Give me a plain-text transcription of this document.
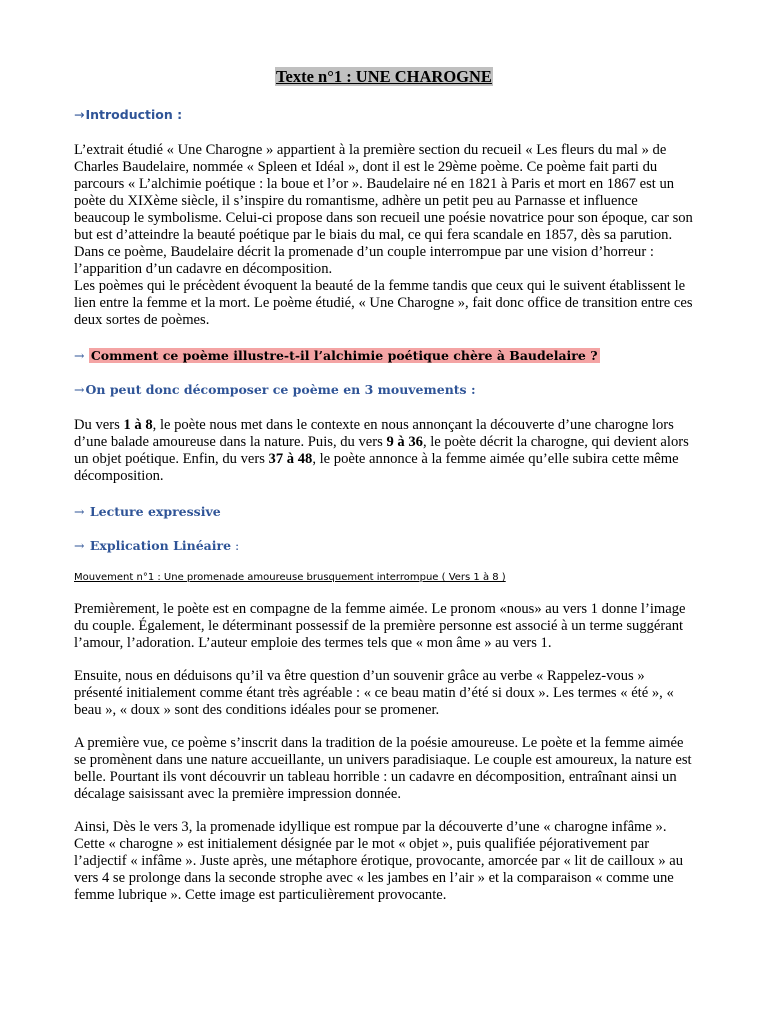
Texte n°1 : UNE CHAROGNE
→Introduction :

L’extrait étudié « Une Charogne » appartient à la première section du recueil « Les fleurs du mal » de Charles Baudelaire, nommée « Spleen et Idéal », dont il est le 29ème poème. Ce poème fait parti du parcours « L’alchimie poétique : la boue et l’or ». Baudelaire né en 1821 à Paris et mort en 1867 est un poète du XIXème siècle, il s’inspire du romantisme, adhère un petit peu au Parnasse et influence beaucoup le symbolisme. Celui-ci propose dans son recueil une poésie novatrice pour son époque, car son but est d’atteindre la beauté poétique par le biais du mal, ce qui fera scandale en 1857, dès sa parution.

Dans ce poème, Baudelaire décrit la promenade d’un couple interrompue par une vision d’horreur : l’apparition d’un cadavre en décomposition.

Les poèmes qui le précèdent évoquent la beauté de la femme tandis que ceux qui le suivent établissent le lien entre la femme et la mort. Le poème étudié, « Une Charogne », fait donc office de transition entre ces deux sortes de poèmes.

→ Comment ce poème illustre-t-il l’alchimie poétique chère à Baudelaire ?
→On peut donc décomposer ce poème en 3 mouvements :

Du vers 1 à 8, le poète nous met dans le contexte en nous annonçant la découverte d’une charogne lors d’une balade amoureuse dans la nature. Puis, du vers 9 à 36, le poète décrit la charogne, qui devient alors un objet poétique. Enfin, du vers 37 à 48, le poète annonce à la femme aimée qu’elle subira cette même décomposition.

→ Lecture expressive
→ Explication Linéaire :
Mouvement n°1 : Une promenade amoureuse brusquement interrompue ( Vers 1 à 8 )

Premièrement, le poète est en compagne de la femme aimée. Le pronom «nous» au vers 1 donne l’image du couple. Également, le déterminant possessif de la première personne est associé à un terme suggérant l’amour, l’adoration. L’auteur emploie des termes tels que « mon âme » au vers 1.

Ensuite, nous en déduisons qu’il va être question d’un souvenir grâce au verbe « Rappelez-vous » présenté initialement comme étant très agréable : « ce beau matin d’été si doux ». Les termes « été », « beau », « doux » sont des conditions idéales pour se promener.

A première vue, ce poème s’inscrit dans la tradition de la poésie amoureuse. Le poète et la femme aimée se promènent dans une nature accueillante, un univers paradisiaque. Le couple est amoureux, la nature est belle. Pourtant ils vont découvrir un tableau horrible : un cadavre en décomposition, entraînant ainsi un décalage saisissant avec la première impression donnée.

Ainsi, Dès le vers 3, la promenade idyllique est rompue par la découverte d’une « charogne infâme ». Cette « charogne » est initialement désignée par le mot « objet », puis qualifiée péjorativement par l’adjectif « infâme ». Juste après, une métaphore érotique, provocante, amorcée par « lit de cailloux » au vers 4 se prolonge dans la seconde strophe avec « les jambes en l’air » et la comparaison « comme une femme lubrique ». Cette image est particulièrement provocante.
